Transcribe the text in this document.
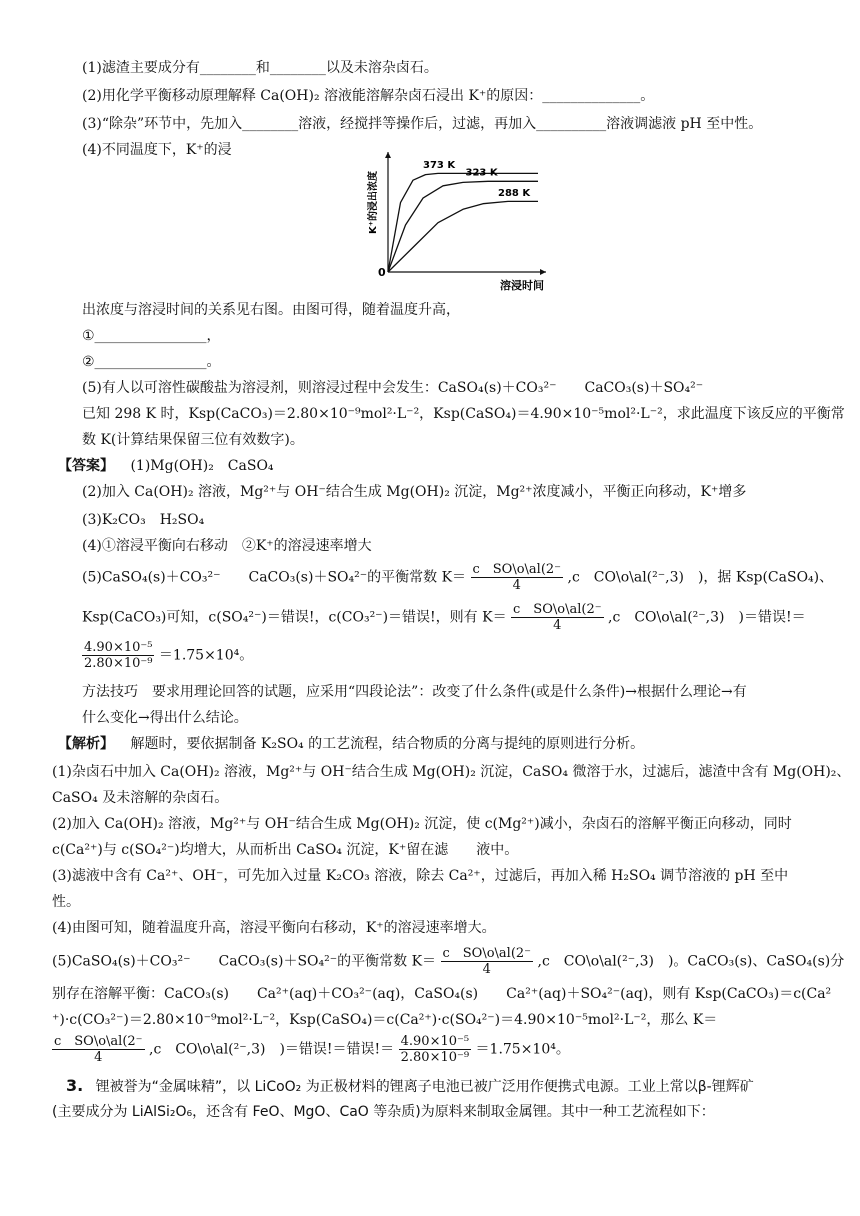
(1)滤渣主要成分有________和________以及未溶杂卤石。
(2)用化学平衡移动原理解释 Ca(OH)₂ 溶液能溶解杂卤石浸出 K⁺的原因：______________。
(3)“除杂”环节中，先加入________溶液，经搅拌等操作后，过滤，再加入__________溶液调滤液 pH 至中性。
(4)不同温度下，K⁺的浸
0
溶浸时间
K⁺的浸出浓度
373 K
323 K
288 K
出浓度与溶浸时间的关系见右图。由图可得，随着温度升高，
①________________，
②________________。
(5)有人以可溶性碳酸盐为溶浸剂，则溶浸过程中会发生：CaSO₄(s)＋CO₃²⁻　　CaCO₃(s)＋SO₄²⁻
已知 298 K 时，Ksp(CaCO₃)＝2.80×10⁻⁹mol²·L⁻²，Ksp(CaSO₄)＝4.90×10⁻⁵mol²·L⁻²，求此温度下该反应的平衡常
数 K(计算结果保留三位有效数字)。
【答案】 (1)Mg(OH)₂　CaSO₄
(2)加入 Ca(OH)₂ 溶液，Mg²⁺与 OH⁻结合生成 Mg(OH)₂ 沉淀，Mg²⁺浓度减小，平衡正向移动，K⁺增多
(3)K₂CO₃　H₂SO₄
(4)①溶浸平衡向右移动　②K⁺的溶浸速率增大
(5)CaSO₄(s)＋CO₃²⁻　　CaCO₃(s)＋SO₄²⁻的平衡常数 $K= \frac{\text{c　SO\textbackslash{}o\textbackslash{}al(2⁻}}{4} ,c$　CO\o\al(²⁻,3)　)，据 Ksp(CaSO₄)、
Ksp(CaCO₃)可知，c(SO₄²⁻)＝错误!，c(CO₃²⁻)＝错误!，则有 $K= \frac{\text{c　SO\textbackslash{}o\textbackslash{}al(2⁻}}{4} ,c$　CO\o\al(²⁻,3)　)＝错误!＝
$\frac{\text{4.90×10⁻⁵}}{\text{2.80×10⁻⁹}} =1.75\times 10^4$。
方法技巧　要求用理论回答的试题，应采用“四段论法”：改变了什么条件(或是什么条件)→根据什么理论→有
什么变化→得出什么结论。
【解析】 解题时，要依据制备 K₂SO₄ 的工艺流程，结合物质的分离与提纯的原则进行分析。
(1)杂卤石中加入 Ca(OH)₂ 溶液，Mg²⁺与 OH⁻结合生成 Mg(OH)₂ 沉淀，CaSO₄ 微溶于水，过滤后，滤渣中含有 Mg(OH)₂、
CaSO₄ 及未溶解的杂卤石。
(2)加入 Ca(OH)₂ 溶液，Mg²⁺与 OH⁻结合生成 Mg(OH)₂ 沉淀，使 c(Mg²⁺)减小，杂卤石的溶解平衡正向移动，同时
c(Ca²⁺)与 c(SO₄²⁻)均增大，从而析出 CaSO₄ 沉淀，K⁺留在滤　　液中。
(3)滤液中含有 Ca²⁺、OH⁻，可先加入过量 K₂CO₃ 溶液，除去 Ca²⁺，过滤后，再加入稀 H₂SO₄ 调节溶液的 pH 至中
性。
(4)由图可知，随着温度升高，溶浸平衡向右移动，K⁺的溶浸速率增大。
(5)CaSO₄(s)＋CO₃²⁻　　CaCO₃(s)＋SO₄²⁻的平衡常数 $K= \frac{\text{c　SO\textbackslash{}o\textbackslash{}al(2⁻}}{4} ,c$　CO\o\al(²⁻,3)　)。CaCO₃(s)、CaSO₄(s)分
别存在溶解平衡：CaCO₃(s)　　Ca²⁺(aq)＋CO₃²⁻(aq)，CaSO₄(s)　　Ca²⁺(aq)＋SO₄²⁻(aq)，则有 Ksp(CaCO₃)＝c(Ca²
⁺)·c(CO₃²⁻)＝2.80×10⁻⁹mol²·L⁻²，Ksp(CaSO₄)＝c(Ca²⁺)·c(SO₄²⁻)＝4.90×10⁻⁵mol²·L⁻²，那么 K＝
$\frac{\text{c　SO\textbackslash{}o\textbackslash{}al(2⁻}}{4} ,c$　CO\o\al(²⁻,3)　)＝错误!＝错误!＝ $\frac{\text{4.90×10⁻⁵}}{\text{2.80×10⁻⁹}} =1.75\times 10^4$。
3. 锂被誉为“金属味精”，以 LiCoO₂ 为正极材料的锂离子电池已被广泛用作便携式电源。工业上常以β-锂辉矿
(主要成分为 LiAlSi₂O₆，还含有 FeO、MgO、CaO 等杂质)为原料来制取金属锂。其中一种工艺流程如下：
